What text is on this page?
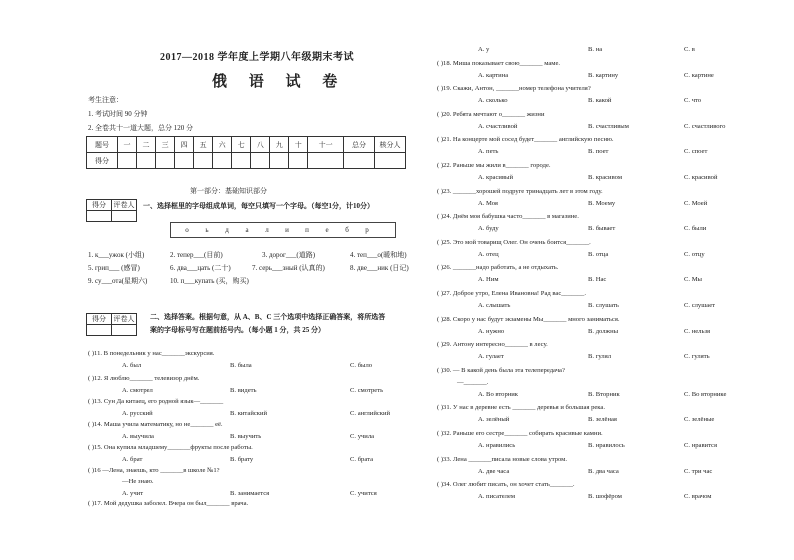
2017—2018 学年度上学期八年级期末考试
俄 语 试 卷
考生注意：
1. 考试时间 90 分钟
2. 全卷共十一道大题，总分 120 分
题号	一	二	三	四	五	六	七	八	九	十	十一	总分	核分人
得分													
第一部分：基础知识部分
得分	评卷人
	一、选择框里的字母组成单词，每空只填写一个字母。（每空1分，计10分）
о ь д а л и п е б р
1. к___ужок (小组)	2. тепер___(目前)	3. дорог___(道路)	4. теп___о(暖和地)
5. грип___ (感冒)	6. два___цать (二十)	7. серь___зный (认真的)	8. две___ник (日记)
9. су___ота(星期六)	10. п___купать (买，购买)
得分	评卷人
	二、选择答案。根据句意，从 A、B、C 三个选项中选择正确答案，将所选答
案的字母标号写在题前括号内。（每小题 1 分，共 25 分）
( )11. В понедельник у нас_______экскурсия.
A. был	B. была	C. было
( )12. Я люблю_______ телевизор днём.
A. смотрел	B. видеть	C. смотреть
( )13. Сун Да китаец, его родной язык—_______
A. русский	B. китайский	C. английский
( )14. Маша учила математику, но не_______ её.
A. выучила	B. выучить	C. учила
( )15. Она купила младшему_______фрукты после работы.
A. брат	B. брату	C. брата
( )16 —Лена, знаешь, кто _______в школе №1?
—Не знаю.
A. учит	B. занимается	C. учится
( )17. Мой дедушка заболел. Вчера он был_______ врача.
A. у	B. на	C. в
( )18. Миша показывает свою_______ маме.
A. картина	B. картину	C. картине
( )19. Скажи, Антон, _______номер телефона учителя?
A. сколько	B. какой	C. что
( )20. Ребята мечтают о_______ жизни
A. счастливой	B. счастливым	C. счастливого
( )21. На концерте мой сосед будет_______ английскую песню.
A. петь	B. поет	C. споет
( )22. Раньше мы жили в_______ городе.
A. красивый	B. красивом	C. красивой
( )23. _______хорошей подруге тринадцать лет в этом году.
A. Моя	B. Моему	C. Моей
( )24. Днём моя бабушка часто_______ в магазине.
A. буду	B. бывает	C. были
( )25. Это мой товарищ Олег. Он очень боится_______.
A. отец	B. отца	C. отцу
( )26. _______надо работать, а не отдыхать.
A. Ним	B. Нас	C. Мы
( )27. Доброе утро, Елена Ивановна! Рад вас_______.
A. слышать	B. слушать	C. слушает
( )28. Скоро у нас будут экзамены Мы_______ много заниматься.
A. нужно	B. должны	C. нельзя
( )29. Антону интересно_______ в лесу.
A. гулает	B. гулял	C. гулять
( )30. — В какой день была эта телепередача?
—_______.
A. Во вторник	B. Вторник	C. Во вторнике
( )31. У нас в деревне есть _______ деревья и большая река.
A. зелёный	B. зелёная	C. зелёные
( )32. Раньше его сестре_______ собирать красивые камни.
A. нравились	B. нравилось	C. нравится
( )33. Лена _______писала новые слова утром.
A. две часа	B. два часа	C. три час
( )34. Олег любит писать, он хочет стать_______.
A. писателем	B. шофёром	C. врачом
